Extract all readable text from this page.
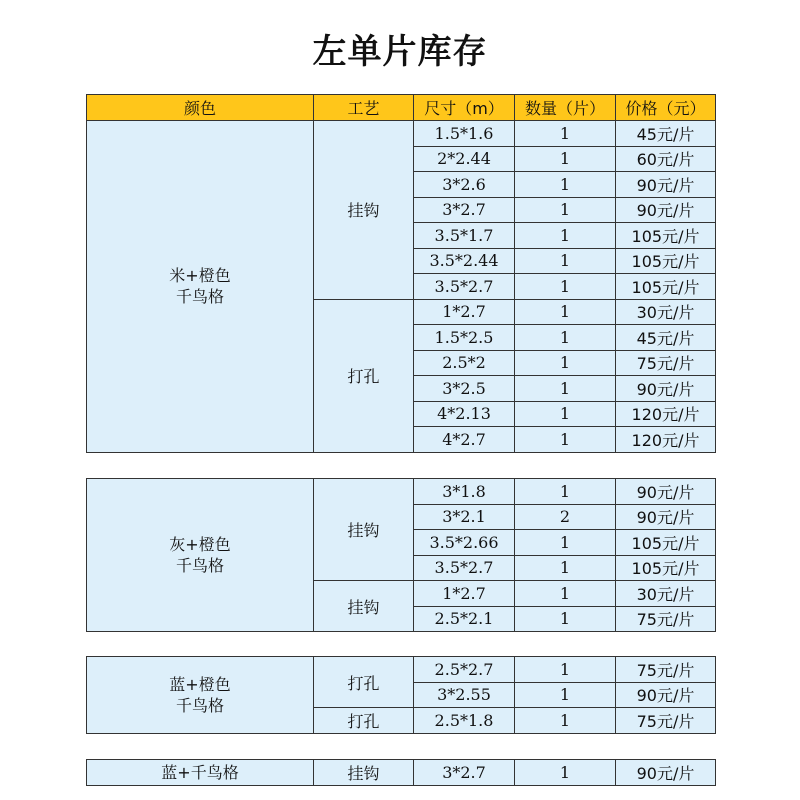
左单片库存
颜色	工艺	尺寸（m）	数量（片）	价格（元）
米+橙色
千鸟格	挂钩	1.5*1.6	1	45元/片
		2*2.44	1	60元/片
		3*2.6	1	90元/片
		3*2.7	1	90元/片
		3.5*1.7	1	105元/片
		3.5*2.44	1	105元/片
		3.5*2.7	1	105元/片
	打孔	1*2.7	1	30元/片
		1.5*2.5	1	45元/片
		2.5*2	1	75元/片
		3*2.5	1	90元/片
		4*2.13	1	120元/片
		4*2.7	1	120元/片
灰+橙色
千鸟格	挂钩	3*1.8	1	90元/片
		3*2.1	2	90元/片
		3.5*2.66	1	105元/片
		3.5*2.7	1	105元/片
	挂钩	1*2.7	1	30元/片
		2.5*2.1	1	75元/片
蓝+橙色
千鸟格	打孔	2.5*2.7	1	75元/片
		3*2.55	1	90元/片
	打孔	2.5*1.8	1	75元/片
蓝+千鸟格	挂钩	3*2.7	1	90元/片
